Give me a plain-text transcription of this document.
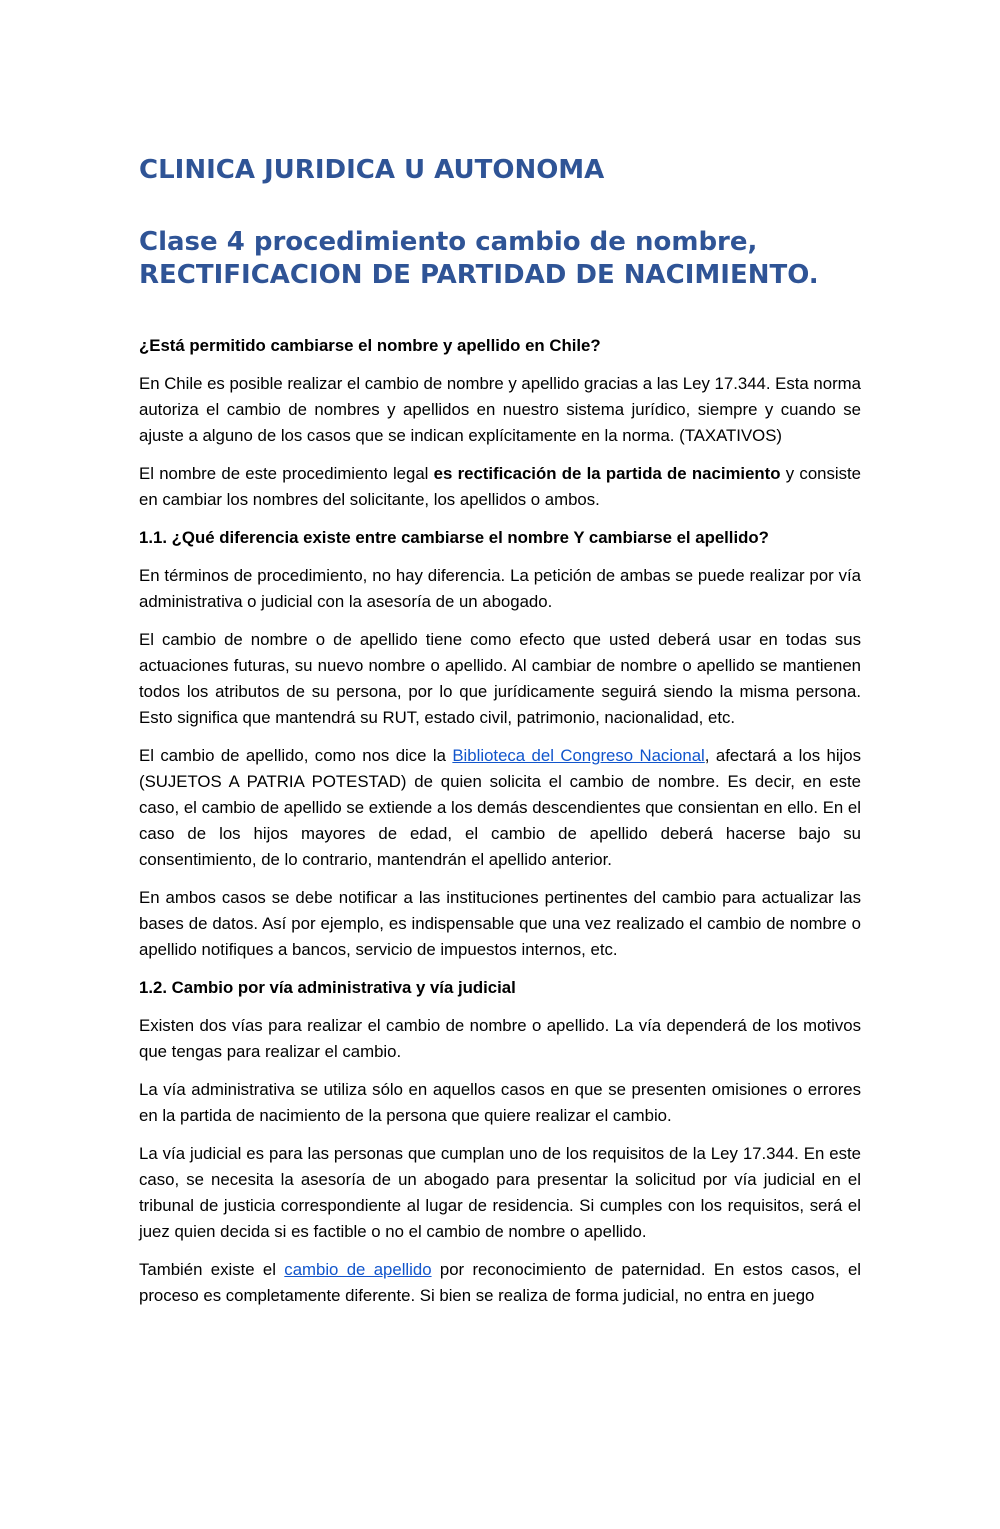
CLINICA JURIDICA U AUTONOMA
Clase 4 procedimiento cambio de nombre, RECTIFICACION DE PARTIDAD DE NACIMIENTO.

¿Está permitido cambiarse el nombre y apellido en Chile?

En Chile es posible realizar el cambio de nombre y apellido gracias a las Ley 17.344. Esta norma autoriza el cambio de nombres y apellidos en nuestro sistema jurídico, siempre y cuando se ajuste a alguno de los casos que se indican explícitamente en la norma. (TAXATIVOS)

El nombre de este procedimiento legal es rectificación de la partida de nacimiento y consiste en cambiar los nombres del solicitante, los apellidos o ambos.

1.1. ¿Qué diferencia existe entre cambiarse el nombre Y cambiarse el apellido?

En términos de procedimiento, no hay diferencia. La petición de ambas se puede realizar por vía administrativa o judicial con la asesoría de un abogado.

El cambio de nombre o de apellido tiene como efecto que usted deberá usar en todas sus actuaciones futuras, su nuevo nombre o apellido. Al cambiar de nombre o apellido se mantienen todos los atributos de su persona, por lo que jurídicamente seguirá siendo la misma persona. Esto significa que mantendrá su RUT, estado civil, patrimonio, nacionalidad, etc.

El cambio de apellido, como nos dice la Biblioteca del Congreso Nacional, afectará a los hijos (SUJETOS A PATRIA POTESTAD) de quien solicita el cambio de nombre. Es decir, en este caso, el cambio de apellido se extiende a los demás descendientes que consientan en ello. En el caso de los hijos mayores de edad, el cambio de apellido deberá hacerse bajo su consentimiento, de lo contrario, mantendrán el apellido anterior.

En ambos casos se debe notificar a las instituciones pertinentes del cambio para actualizar las bases de datos. Así por ejemplo, es indispensable que una vez realizado el cambio de nombre o apellido notifiques a bancos, servicio de impuestos internos, etc.

1.2. Cambio por vía administrativa y vía judicial

Existen dos vías para realizar el cambio de nombre o apellido. La vía dependerá de los motivos que tengas para realizar el cambio.

La vía administrativa se utiliza sólo en aquellos casos en que se presenten omisiones o errores en la partida de nacimiento de la persona que quiere realizar el cambio.

La vía judicial es para las personas que cumplan uno de los requisitos de la Ley 17.344. En este caso, se necesita la asesoría de un abogado para presentar la solicitud por vía judicial en el tribunal de justicia correspondiente al lugar de residencia. Si cumples con los requisitos, será el juez quien decida si es factible o no el cambio de nombre o apellido.

También existe el cambio de apellido por reconocimiento de paternidad. En estos casos, el proceso es completamente diferente. Si bien se realiza de forma judicial, no entra en juego
